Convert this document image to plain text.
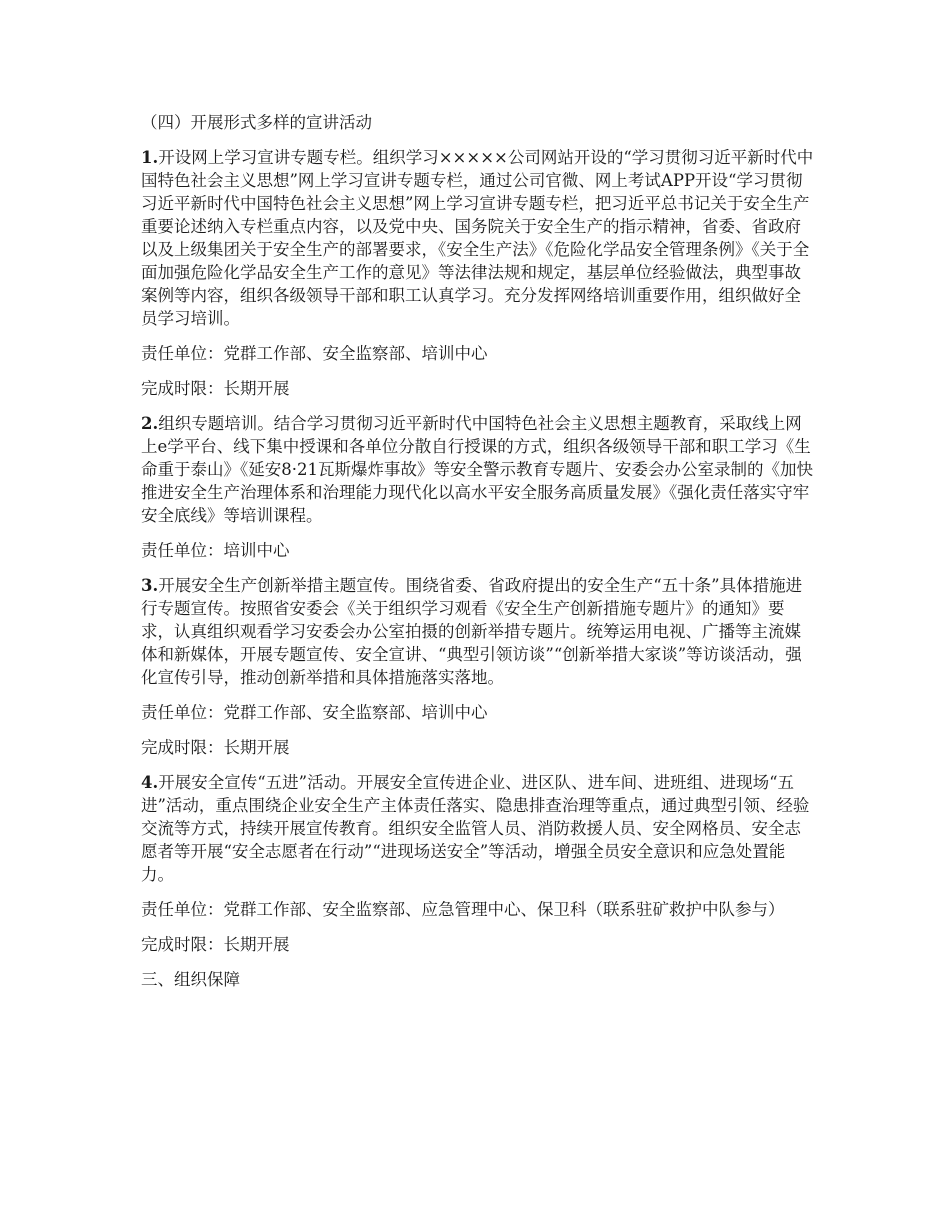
（四）开展形式多样的宣讲活动

1.开设网上学习宣讲专题专栏。组织学习×××××公司网站开设的“学习贯彻习近平新时代中国特色社会主义思想”网上学习宣讲专题专栏，通过公司官微、网上考试APP开设“学习贯彻习近平新时代中国特色社会主义思想”网上学习宣讲专题专栏，把习近平总书记关于安全生产重要论述纳入专栏重点内容，以及党中央、国务院关于安全生产的指示精神，省委、省政府以及上级集团关于安全生产的部署要求，《安全生产法》《危险化学品安全管理条例》《关于全面加强危险化学品安全生产工作的意见》等法律法规和规定，基层单位经验做法，典型事故案例等内容，组织各级领导干部和职工认真学习。充分发挥网络培训重要作用，组织做好全员学习培训。

责任单位：党群工作部、安全监察部、培训中心

完成时限：长期开展

2.组织专题培训。结合学习贯彻习近平新时代中国特色社会主义思想主题教育，采取线上网上e学平台、线下集中授课和各单位分散自行授课的方式，组织各级领导干部和职工学习《生命重于泰山》《延安8·21瓦斯爆炸事故》等安全警示教育专题片、安委会办公室录制的《加快推进安全生产治理体系和治理能力现代化以高水平安全服务高质量发展》《强化责任落实守牢安全底线》等培训课程。

责任单位：培训中心

3.开展安全生产创新举措主题宣传。围绕省委、省政府提出的安全生产“五十条”具体措施进行专题宣传。按照省安委会《关于组织学习观看《安全生产创新措施专题片》的通知》要求，认真组织观看学习安委会办公室拍摄的创新举措专题片。统筹运用电视、广播等主流媒体和新媒体，开展专题宣传、安全宣讲、“典型引领访谈”“创新举措大家谈”等访谈活动，强化宣传引导，推动创新举措和具体措施落实落地。

责任单位：党群工作部、安全监察部、培训中心

完成时限：长期开展

4.开展安全宣传“五进”活动。开展安全宣传进企业、进区队、进车间、进班组、进现场“五进”活动，重点围绕企业安全生产主体责任落实、隐患排查治理等重点，通过典型引领、经验交流等方式，持续开展宣传教育。组织安全监管人员、消防救援人员、安全网格员、安全志愿者等开展“安全志愿者在行动”“进现场送安全”等活动，增强全员安全意识和应急处置能力。

责任单位：党群工作部、安全监察部、应急管理中心、保卫科（联系驻矿救护中队参与）

完成时限：长期开展

三、组织保障
